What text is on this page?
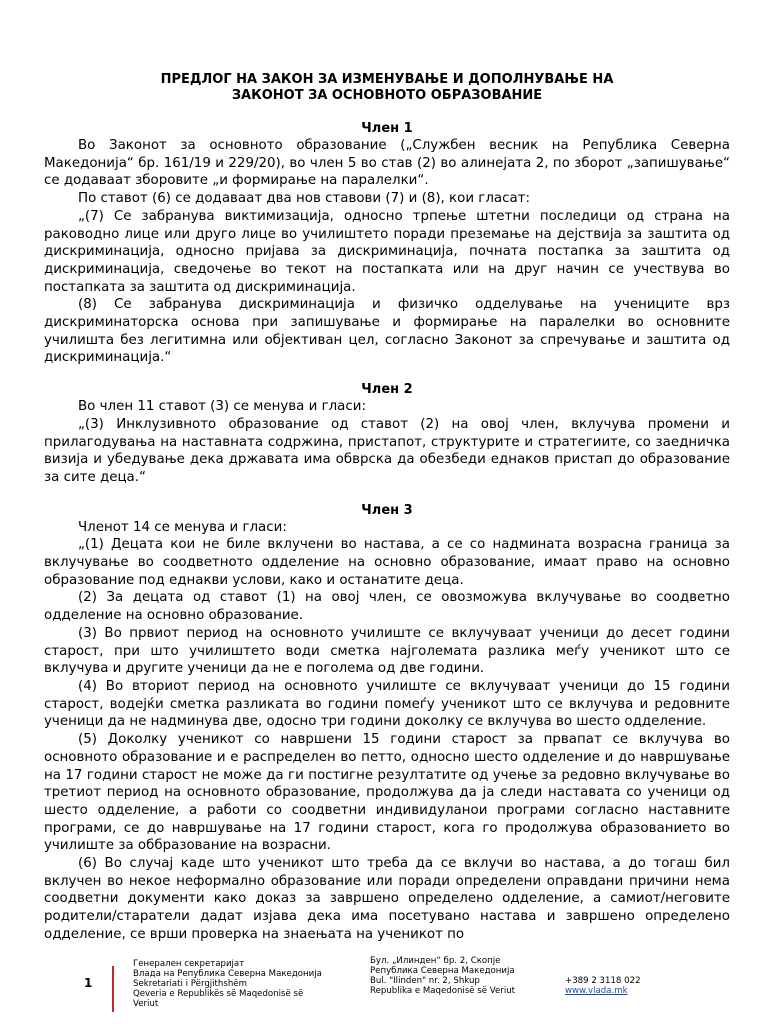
ПРЕДЛОГ НА ЗАКОН ЗА ИЗМЕНУВАЊЕ И ДОПОЛНУВАЊЕ НА
ЗАКОНОТ ЗА ОСНОВНОТО ОБРАЗОВАНИЕ

Член 1

Во Законот за основното образование („Службен весник на Република Северна Македонија“ бр. 161/19 и 229/20), во член 5 во став (2) во алинејата 2, по зборот „запишување“ се додаваат зборовите „и формирање на паралелки“.

По ставот (6) се додаваат два нов ставови (7) и (8), кои гласат:

„(7) Се забранува виктимизација, односно трпење штетни последици од страна на раководно лице или друго лице во училиштето поради преземање на дејствија за заштита од дискриминација, односно пријава за дискриминација, почната постапка за заштита од дискриминација, сведочење во текот на постапката или на друг начин се учествува во постапката за заштита од дискриминација.

(8) Се забранува дискриминација и физичко одделување на учениците врз дискриминаторска основа при запишување и формирање на паралелки во основните училишта без легитимна или објективан цел, согласно Законот за спречување и заштита од дискриминација.“

Член 2

Во член 11 ставот (3) се менува и гласи:

„(3) Инклузивното образование од ставот (2) на овој член, вклучува промени и прилагодувања на наставната содржина, пристапот, структурите и стратегиите, со заедничка визија и убедување дека државата има обврска да обезбеди еднаков пристап до образование за сите деца.“

Член 3

Членот 14 се менува и гласи:

„(1) Децата кои не биле вклучени во настава, а се со надмината возрасна граница за вклучување во соодветното одделение на основно образование, имаат право на основно образование под еднакви услови, како и останатите деца.

(2) За децата од ставот (1) на овој член, се овозможува вклучување во соодветно одделение на основно образование.

(3) Во првиот период на основното училиште се вклучуваат ученици до десет години старост, при што училиштето води сметка најголемата разлика меѓу ученикот што се вклучува и другите ученици да не е поголема од две години.

(4) Во вториот период на основното училиште се вклучуваат ученици до 15 години старост, водејќи сметка разликата во години помеѓу ученикот што се вклучува и редовните ученици да не надминува две, одосно три години доколку се вклучува во шесто одделение.

(5) Доколку ученикот со навршени 15 години старост за првапат се вклучува во основното образование и е распределен во петто, односно шесто одделение и до навршување на 17 години старост не може да ги постигне резултатите од учење за редовно вклучување во третиот период на основното образование, продолжува да ја следи наставата со ученици од шесто одделение, а работи со соодветни индивидуланои програми согласно наставните програми, се до навршување на 17 години старост, кога го продолжува образованието во училиште за оббразование на возрасни.

(6) Во случај каде што ученикот што треба да се вклучи во настава, а до тогаш бил вклучен во некое неформално образование или поради определени оправдани причини нема соодветни документи како доказ за завршено определено одделение, а самиот/неговите родители/старатели дадат изјава дека има посетувано настава и завршено определено одделение, се врши проверка на знаењата на ученикот по

1
Генерален секретаријат
Влада на Република Северна Македонија
Sekretariati i Përgjithshëm
Qeveria e Republikës së Maqedonisë së
Veriut
Бул. „Илинден“ бр. 2, Скопје
Република Северна Македонија
Bul. "Ilinden" nr. 2, Shkup
Republika e Maqedonisë së Veriut
+389 2 3118 022
www.vlada.mk
